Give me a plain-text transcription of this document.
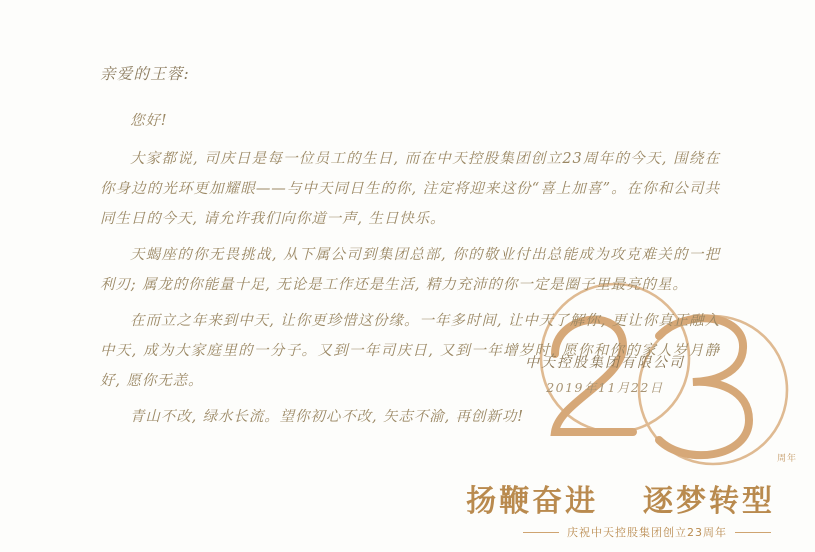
周年

亲爱的王蓉:

您好!

大家都说, 司庆日是每一位员工的生日, 而在中天控股集团创立23周年的今天, 围绕在你身边的光环更加耀眼——与中天同日生的你, 注定将迎来这份“喜上加喜”。在你和公司共同生日的今天, 请允许我们向你道一声, 生日快乐。

天蝎座的你无畏挑战, 从下属公司到集团总部, 你的敬业付出总能成为攻克难关的一把利刃; 属龙的你能量十足, 无论是工作还是生活, 精力充沛的你一定是圈子里最亮的星。

在而立之年来到中天, 让你更珍惜这份缘。一年多时间, 让中天了解你, 更让你真正融入中天, 成为大家庭里的一分子。又到一年司庆日, 又到一年增岁时, 愿你和你的家人岁月静好, 愿你无恙。

青山不改, 绿水长流。望你初心不改, 矢志不渝, 再创新功!

中天控股集团有限公司
2019年11月22日
扬鞭奋进 逐梦转型
庆祝中天控股集团创立23周年
